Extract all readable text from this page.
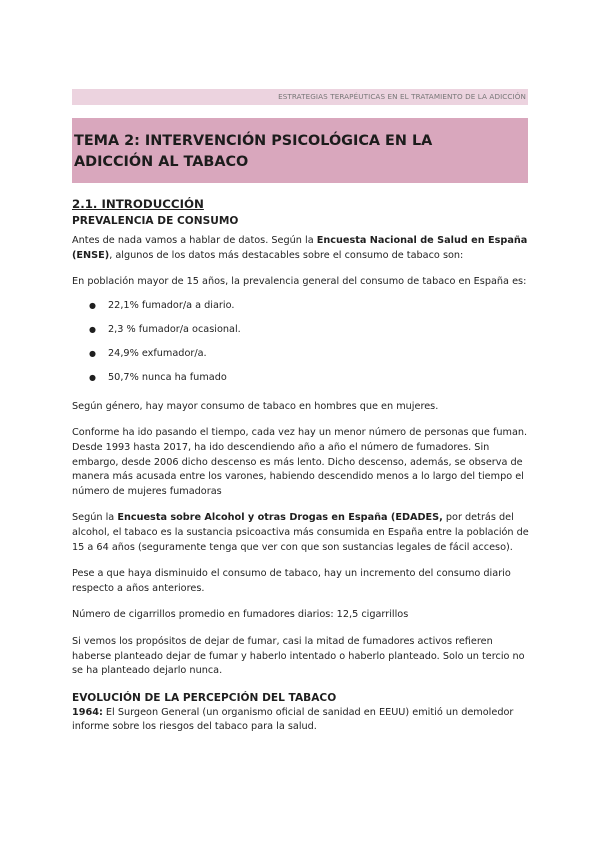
ESTRATEGIAS TERAPÉUTICAS EN EL TRATAMIENTO DE LA ADICCIÓN
TEMA 2: INTERVENCIÓN PSICOLÓGICA EN LA ADICCIÓN AL TABACO
2.1. INTRODUCCIÓN
PREVALENCIA DE CONSUMO

Antes de nada vamos a hablar de datos. Según la Encuesta Nacional de Salud en España (ENSE), algunos de los datos más destacables sobre el consumo de tabaco son:

En población mayor de 15 años, la prevalencia general del consumo de tabaco en España es:

● 22,1% fumador/a a diario.
● 2,3 % fumador/a ocasional.
● 24,9% exfumador/a.
● 50,7% nunca ha fumado

Según género, hay mayor consumo de tabaco en hombres que en mujeres.

Conforme ha ido pasando el tiempo, cada vez hay un menor número de personas que fuman. Desde 1993 hasta 2017, ha ido descendiendo año a año el número de fumadores. Sin embargo, desde 2006 dicho descenso es más lento. Dicho descenso, además, se observa de manera más acusada entre los varones, habiendo descendido menos a lo largo del tiempo el número de mujeres fumadoras

Según la Encuesta sobre Alcohol y otras Drogas en España (EDADES, por detrás del alcohol, el tabaco es la sustancia psicoactiva más consumida en España entre la población de 15 a 64 años (seguramente tenga que ver con que son sustancias legales de fácil acceso).

Pese a que haya disminuido el consumo de tabaco, hay un incremento del consumo diario respecto a años anteriores.

Número de cigarrillos promedio en fumadores diarios: 12,5 cigarrillos

Si vemos los propósitos de dejar de fumar, casi la mitad de fumadores activos refieren haberse planteado dejar de fumar y haberlo intentado o haberlo planteado. Solo un tercio no se ha planteado dejarlo nunca.

EVOLUCIÓN DE LA PERCEPCIÓN DEL TABACO

1964: El Surgeon General (un organismo oficial de sanidad en EEUU) emitió un demoledor informe sobre los riesgos del tabaco para la salud.
